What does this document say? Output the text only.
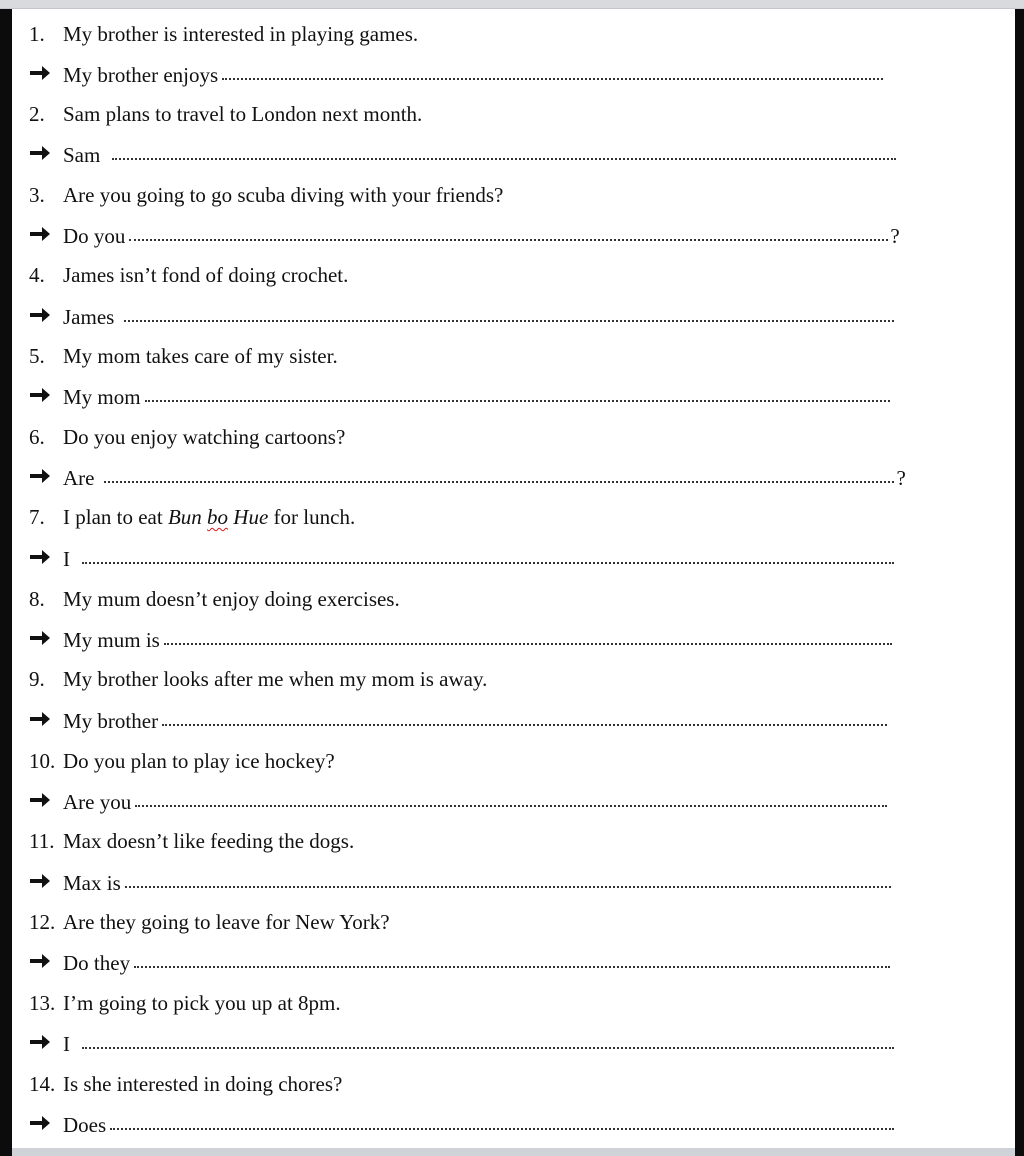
1. My brother is interested in playing games.
My brother enjoys
2. Sam plans to travel to London next month.
Sam
3. Are you going to go scuba diving with your friends?
Do you	?
4. James isn’t fond of doing crochet.
James
5. My mom takes care of my sister.
My mom
6. Do you enjoy watching cartoons?
Are	?
7. I plan to eat Bun bo Hue for lunch.
I
8. My mum doesn’t enjoy doing exercises.
My mum is
9. My brother looks after me when my mom is away.
My brother
10. Do you plan to play ice hockey?
Are you
11. Max doesn’t like feeding the dogs.
Max is
12. Are they going to leave for New York?
Do they
13. I’m going to pick you up at 8pm.
I
14. Is she interested in doing chores?
Does
